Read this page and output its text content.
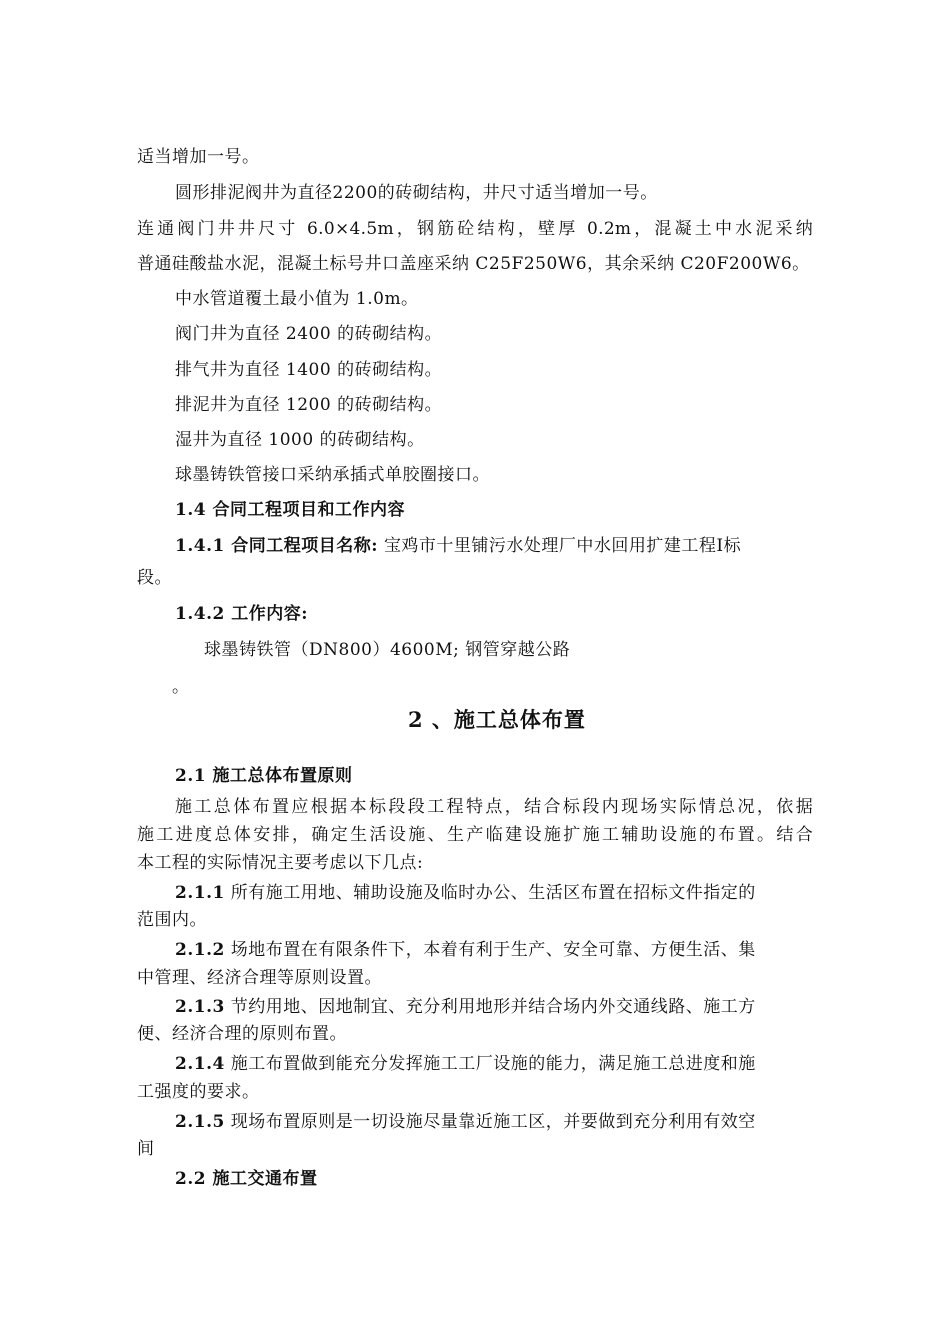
适当增加一号。
圆形排泥阀井为直径2200的砖砌结构，井尺寸适当增加一号。
连通阀门井井尺寸 6.0×4.5m，钢筋砼结构，壁厚 0.2m，混凝土中水泥采纳
普通硅酸盐水泥，混凝土标号井口盖座采纳 C25F250W6，其余采纳 C20F200W6。
中水管道覆土最小值为 1.0m。
阀门井为直径 2400 的砖砌结构。
排气井为直径 1400 的砖砌结构。
排泥井为直径 1200 的砖砌结构。
湿井为直径 1000 的砖砌结构。
球墨铸铁管接口采纳承插式单胶圈接口。
1.4 合同工程项目和工作内容
1.4.1 合同工程项目名称: 宝鸡市十里铺污水处理厂中水回用扩建工程Ⅰ标
段。
1.4.2 工作内容:
球墨铸铁管（DN800）4600M; 钢管穿越公路
。
2 、施工总体布置
2.1 施工总体布置原则
施工总体布置应根据本标段段工程特点，结合标段内现场实际情总况，依据
施工进度总体安排，确定生活设施、生产临建设施扩施工辅助设施的布置。结合
本工程的实际情况主要考虑以下几点:
2.1.1 所有施工用地、辅助设施及临时办公、生活区布置在招标文件指定的
范围内。
2.1.2 场地布置在有限条件下，本着有利于生产、安全可靠、方便生活、集
中管理、经济合理等原则设置。
2.1.3 节约用地、因地制宜、充分利用地形并结合场内外交通线路、施工方
便、经济合理的原则布置。
2.1.4 施工布置做到能充分发挥施工工厂设施的能力，满足施工总进度和施
工强度的要求。
2.1.5 现场布置原则是一切设施尽量靠近施工区，并要做到充分利用有效空
间
2.2 施工交通布置
